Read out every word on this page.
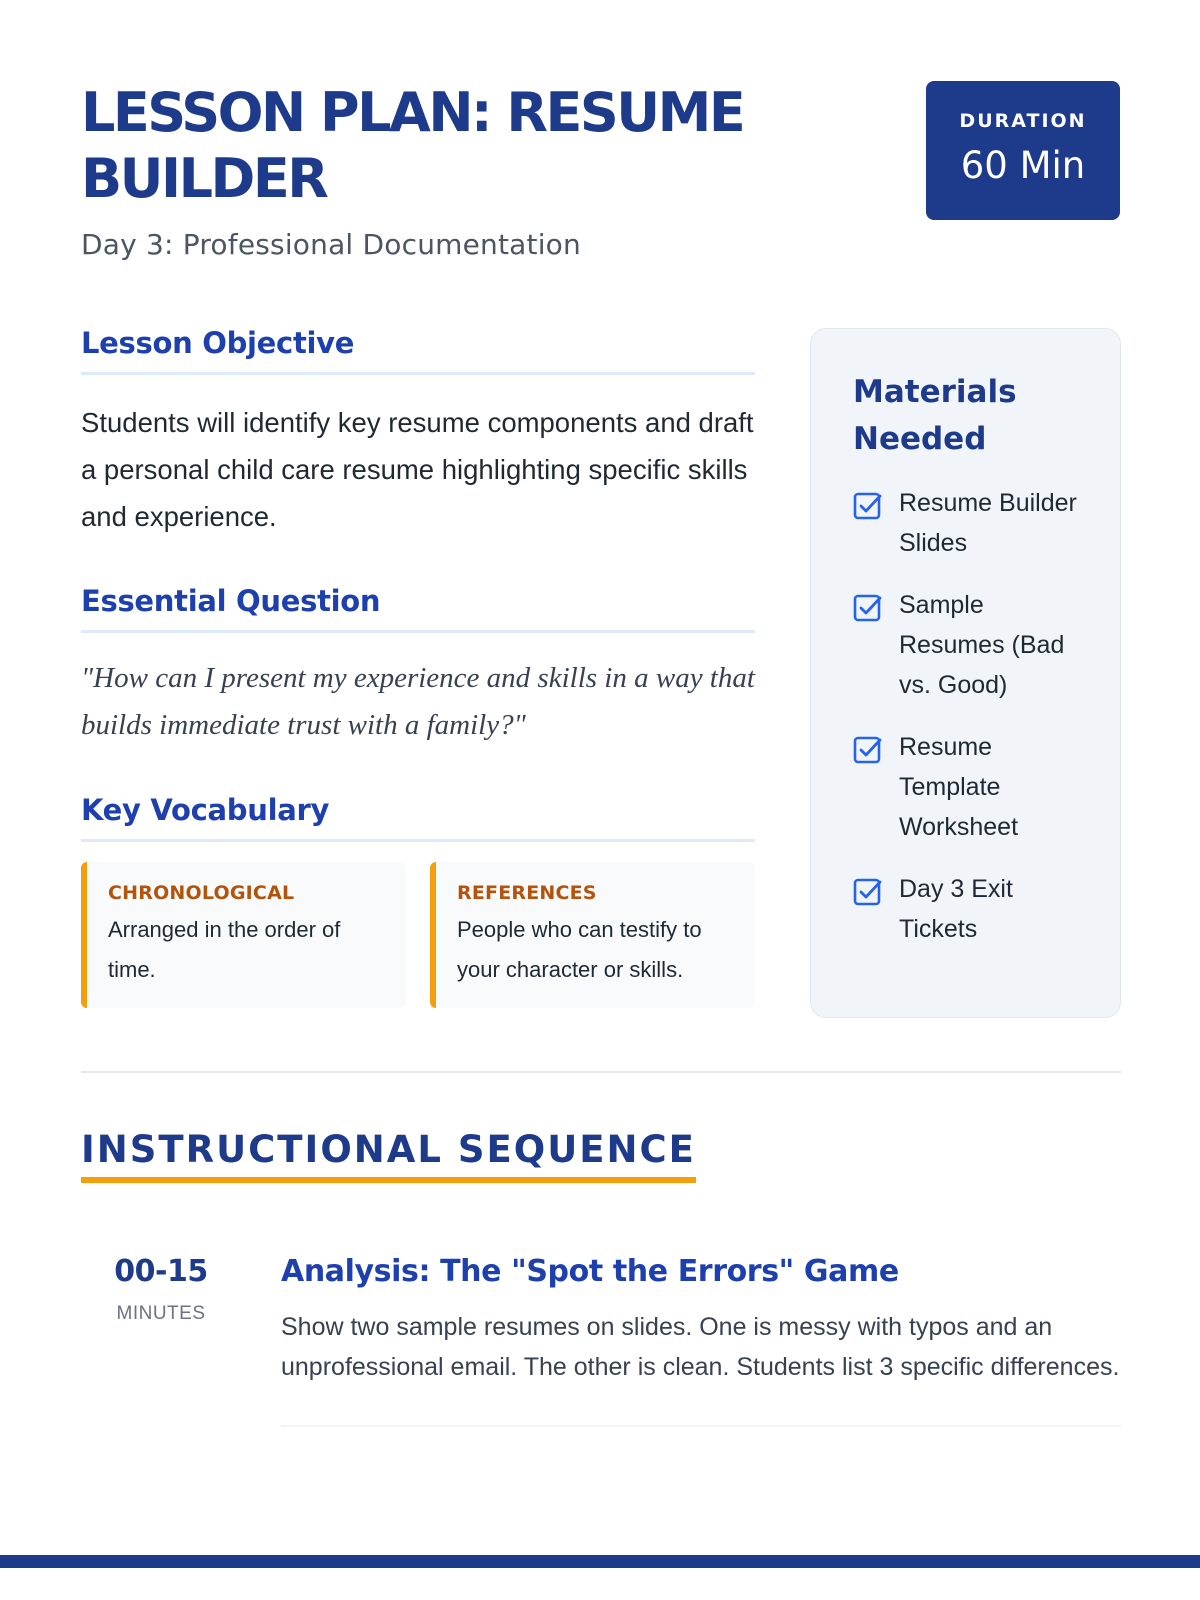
LESSON PLAN: RESUME BUILDER
Day 3: Professional Documentation
DURATION
60 Min
Lesson Objective

Students will identify key resume components and draft a personal child care resume highlighting specific skills and experience.

Essential Question

"How can I present my experience and skills in a way that builds immediate trust with a family?"

Key Vocabulary
CHRONOLOGICAL
Arranged in the order of time.
REFERENCES
People who can testify to your character or skills.
Materials Needed
Resume Builder Slides
Sample Resumes (Bad vs. Good)
Resume Template Worksheet
Day 3 Exit Tickets
INSTRUCTIONAL SEQUENCE
00-15
MINUTES
Analysis: The "Spot the Errors" Game

Show two sample resumes on slides. One is messy with typos and an unprofessional email. The other is clean. Students list 3 specific differences.
